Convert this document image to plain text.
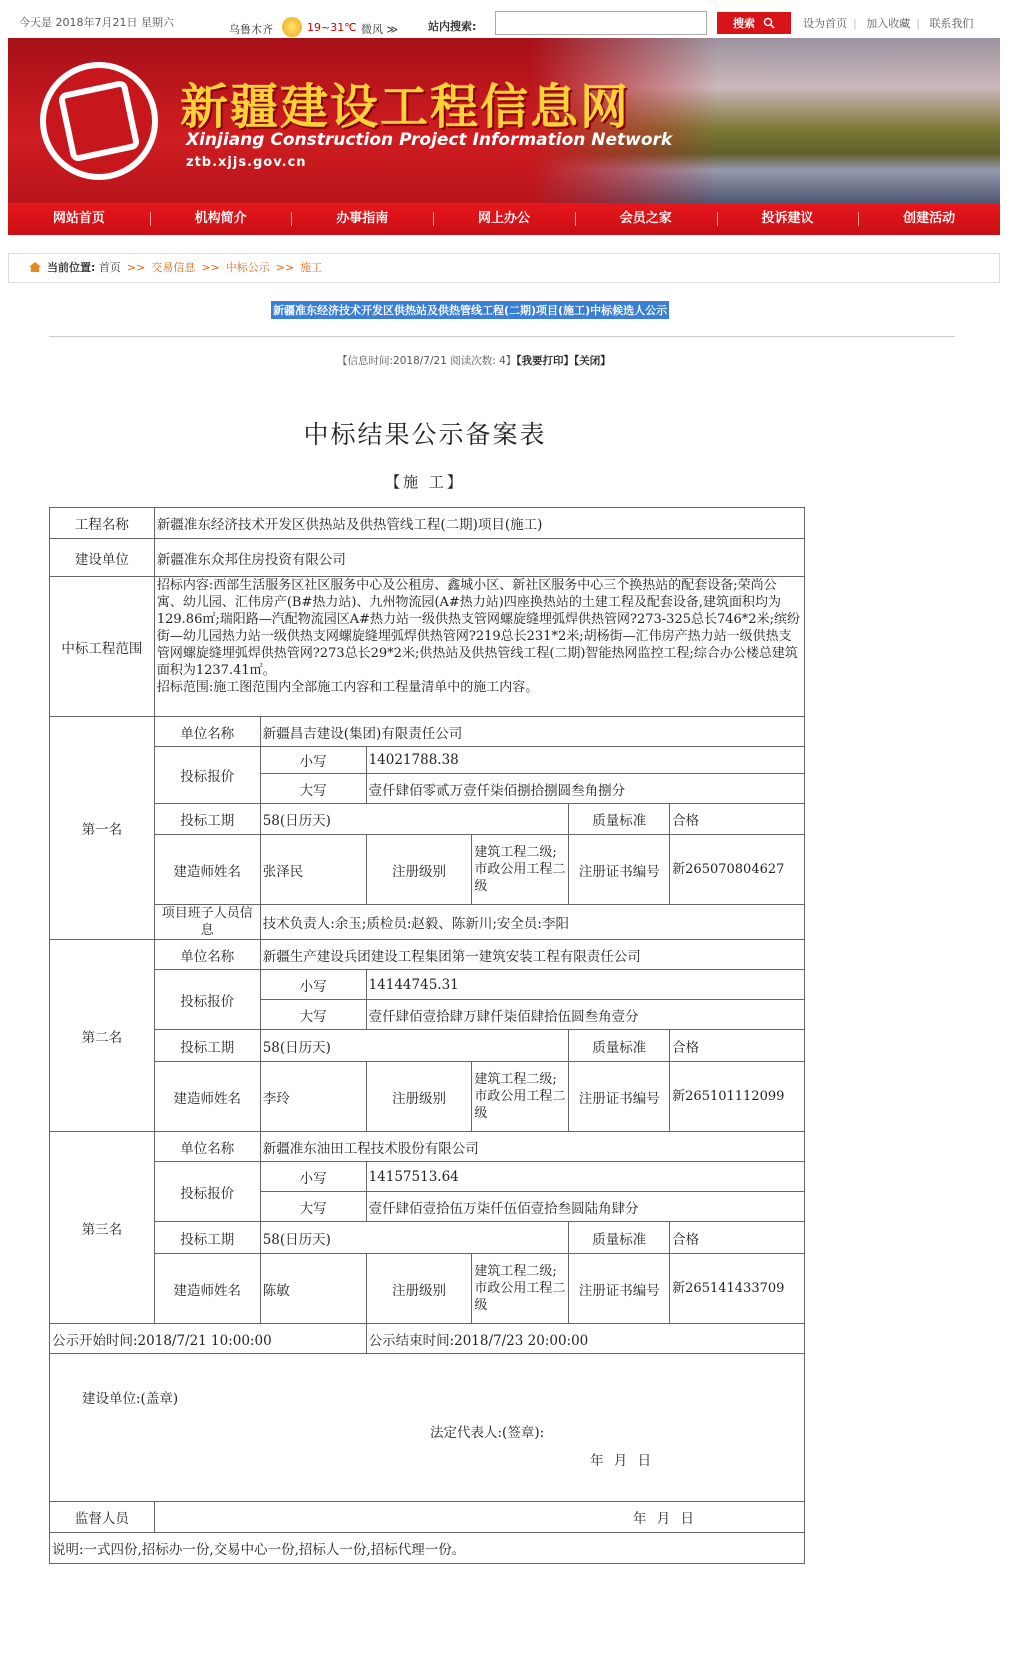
今天是 2018年7月21日 星期六
乌鲁木齐	19~31℃ 微风 ≫	站内搜索:	搜索	设为首页 | 加入收藏 | 联系我们
新疆建设工程信息网
Xinjiang Construction Project Information Network
ztb.xjjs.gov.cn
网站首页	机构简介	办事指南	网上办公	会员之家	投诉建议	创建活动
当前位置: 首页 >> 交易信息 >> 中标公示 >> 施工
新疆准东经济技术开发区供热站及供热管线工程(二期)项目(施工)中标候选人公示
【信息时间:2018/7/21 阅读次数: 4】【我要打印】【关闭】
中标结果公示备案表
【施 工】
工程名称	新疆准东经济技术开发区供热站及供热管线工程(二期)项目(施工)					
建设单位	新疆准东众邦住房投资有限公司					
中标工程范围	招标内容:西部生活服务区社区服务中心及公租房、鑫城小区、新社区服务中心三个换热站的配套设备;荣尚公寓、幼儿园、汇伟房产(B#热力站)、九州物流园(A#热力站)四座换热站的土建工程及配套设备,建筑面积均为129.86㎡;瑞阳路—汽配物流园区A#热力站一级供热支管网螺旋缝埋弧焊供热管网?273-325总长746*2米;缤纷街—幼儿园热力站一级供热支网螺旋缝埋弧焊供热管网?219总长231*2米;胡杨街—汇伟房产热力站一级供热支管网螺旋缝埋弧焊供热管网?273总长29*2米;供热站及供热管线工程(二期)智能热网监控工程;综合办公楼总建筑面积为1237.41㎡。
招标范围:施工图范围内全部施工内容和工程量清单中的施工内容。					
第一名	单位名称	新疆昌吉建设(集团)有限责任公司				
	投标报价	小写	14021788.38			
		大写	壹仟肆佰零贰万壹仟柒佰捌拾捌圆叁角捌分			
	投标工期	58(日历天)			质量标准	合格
	建造师姓名	张泽民	注册级别	建筑工程二级;市政公用工程二级	注册证书编号	新265070804627
	项目班子人员信息	技术负责人:余玉;质检员:赵毅、陈新川;安全员:李阳				
第二名	单位名称	新疆生产建设兵团建设工程集团第一建筑安装工程有限责任公司				
	投标报价	小写	14144745.31			
		大写	壹仟肆佰壹拾肆万肆仟柒佰肆拾伍圆叁角壹分			
	投标工期	58(日历天)			质量标准	合格
	建造师姓名	李玲	注册级别	建筑工程二级;市政公用工程二级	注册证书编号	新265101112099
第三名	单位名称	新疆准东油田工程技术股份有限公司				
	投标报价	小写	14157513.64			
		大写	壹仟肆佰壹拾伍万柒仟伍佰壹拾叁圆陆角肆分			
	投标工期	58(日历天)			质量标准	合格
	建造师姓名	陈敏	注册级别	建筑工程二级;市政公用工程二级	注册证书编号	新265141433709
公示开始时间:2018/7/21 10:00:00			公示结束时间:2018/7/23 20:00:00			

建设单位:(盖章)
法定代表人:(签章):
年 月 日						

监督人员	年 月 日					
说明:一式四份,招标办一份,交易中心一份,招标人一份,招标代理一份。						
